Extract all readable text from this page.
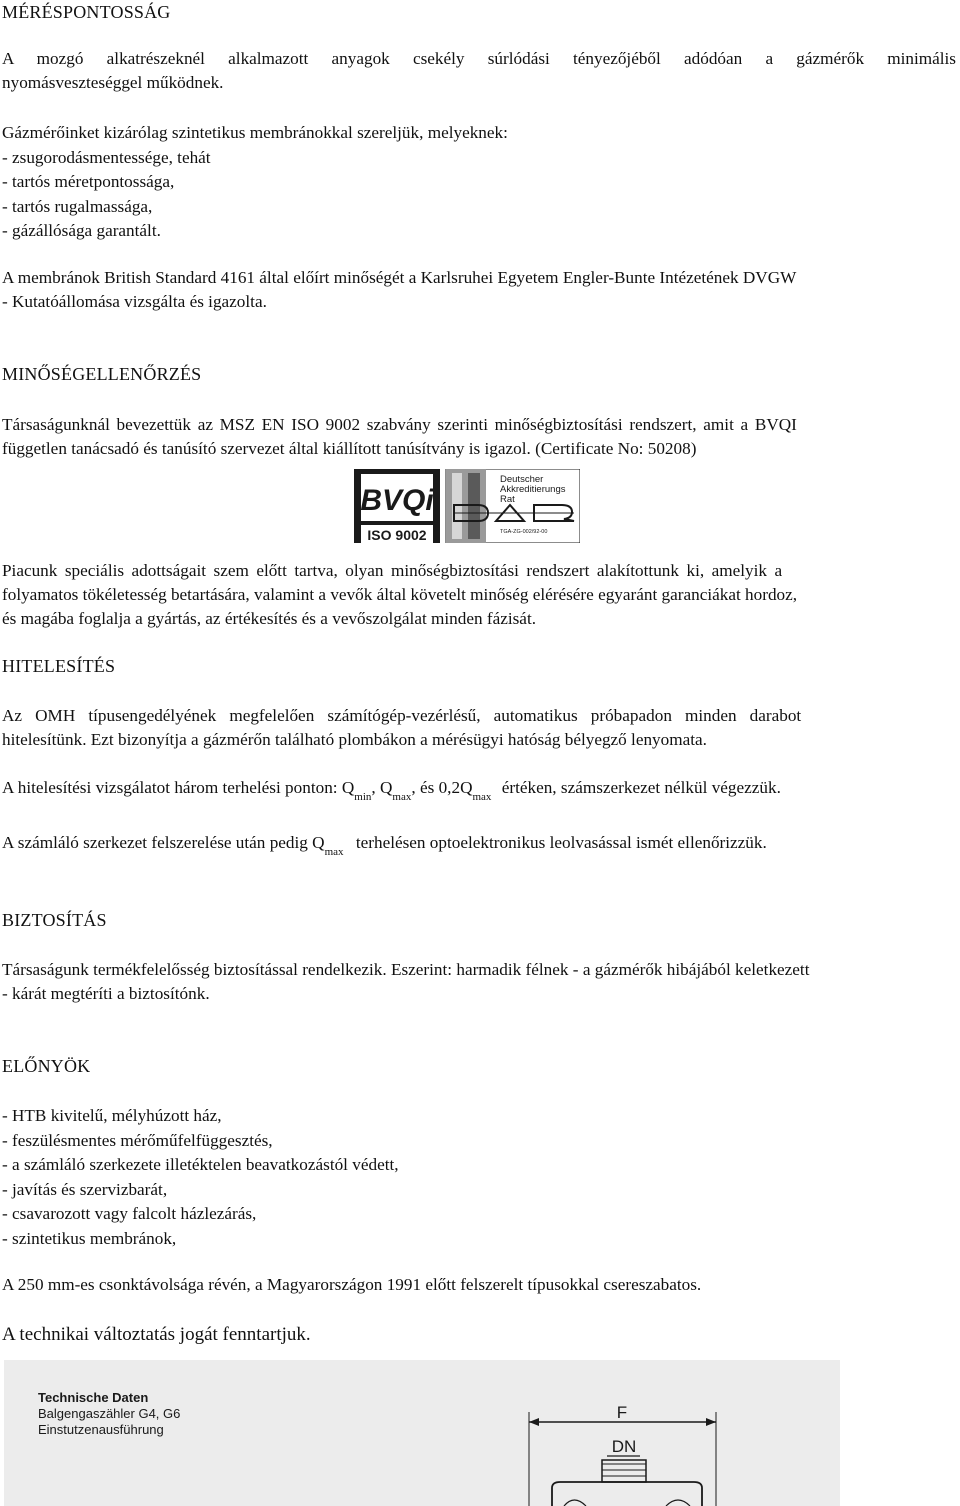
MÉRÉSPONTOSSÁG

A mozgó alkatrészeknél alkalmazott anyagok csekély súrlódási tényezőjéből adódóan a gázmérők minimális
nyomásveszteséggel működnek.

Gázmérőinket kizárólag szintetikus membránokkal szereljük, melyeknek:
- zsugorodásmentessége, tehát
- tartós méretpontossága,
- tartós rugalmassága,
- gázállósága garantált.

A membránok British Standard 4161 által előírt minőségét a Karlsruhei Egyetem Engler-Bunte Intézetének DVGW
- Kutatóállomása vizsgálta és igazolta.

MINŐSÉGELLENŐRZÉS

Társaságunknál bevezettük az MSZ EN ISO 9002 szabvány szerinti minőségbiztosítási rendszert, amit a BVQI
független tanácsadó és tanúsító szervezet által kiállított tanúsítvány is igazol. (Certificate No: 50208)

BVQi
ISO 9002
Deutscher
Akkreditierungs
Rat
TGA-ZG-002/92-00

Piacunk speciális adottságait szem előtt tartva, olyan minőségbiztosítási rendszert alakítottunk ki, amelyik a
folyamatos tökéletesség betartására, valamint a vevők által követelt minőség elérésére egyaránt garanciákat hordoz,
és magába foglalja a gyártás, az értékesítés és a vevőszolgálat minden fázisát.

HITELESÍTÉS

Az OMH típusengedélyének megfelelően számítógép-vezérlésű, automatikus próbapadon minden darabot
hitelesítünk. Ezt bizonyítja a gázmérőn található plombákon a mérésügyi hatóság bélyegző lenyomata.

A hitelesítési vizsgálatot három terhelési ponton: $Q_{min}$, $Q_{max}$, és $0,2Q_{max}$ értéken, számszerkezet nélkül végezzük.

A számláló szerkezet felszerelése után pedig $Q_{max}$ terhelésen optoelektronikus leolvasással ismét ellenőrizzük.

BIZTOSÍTÁS

Társaságunk termékfelelősség biztosítással rendelkezik. Eszerint: harmadik félnek - a gázmérők hibájából keletkezett
- kárát megtéríti a biztosítónk.

ELŐNYÖK

- HTB kivitelű, mélyhúzott ház,
- feszülésmentes mérőműfelfüggesztés,
- a számláló szerkezete illetéktelen beavatkozástól védett,
- javítás és szervizbarát,
- csavarozott vagy falcolt házlezárás,
- szintetikus membránok,

A 250 mm-es csonktávolsága révén, a Magyarországon 1991 előtt felszerelt típusokkal csereszabatos.

A technikai változtatás jogát fenntartjuk.
Technische Daten
Balgengaszähler G4, G6
Einstutzenausführung
F
DN
